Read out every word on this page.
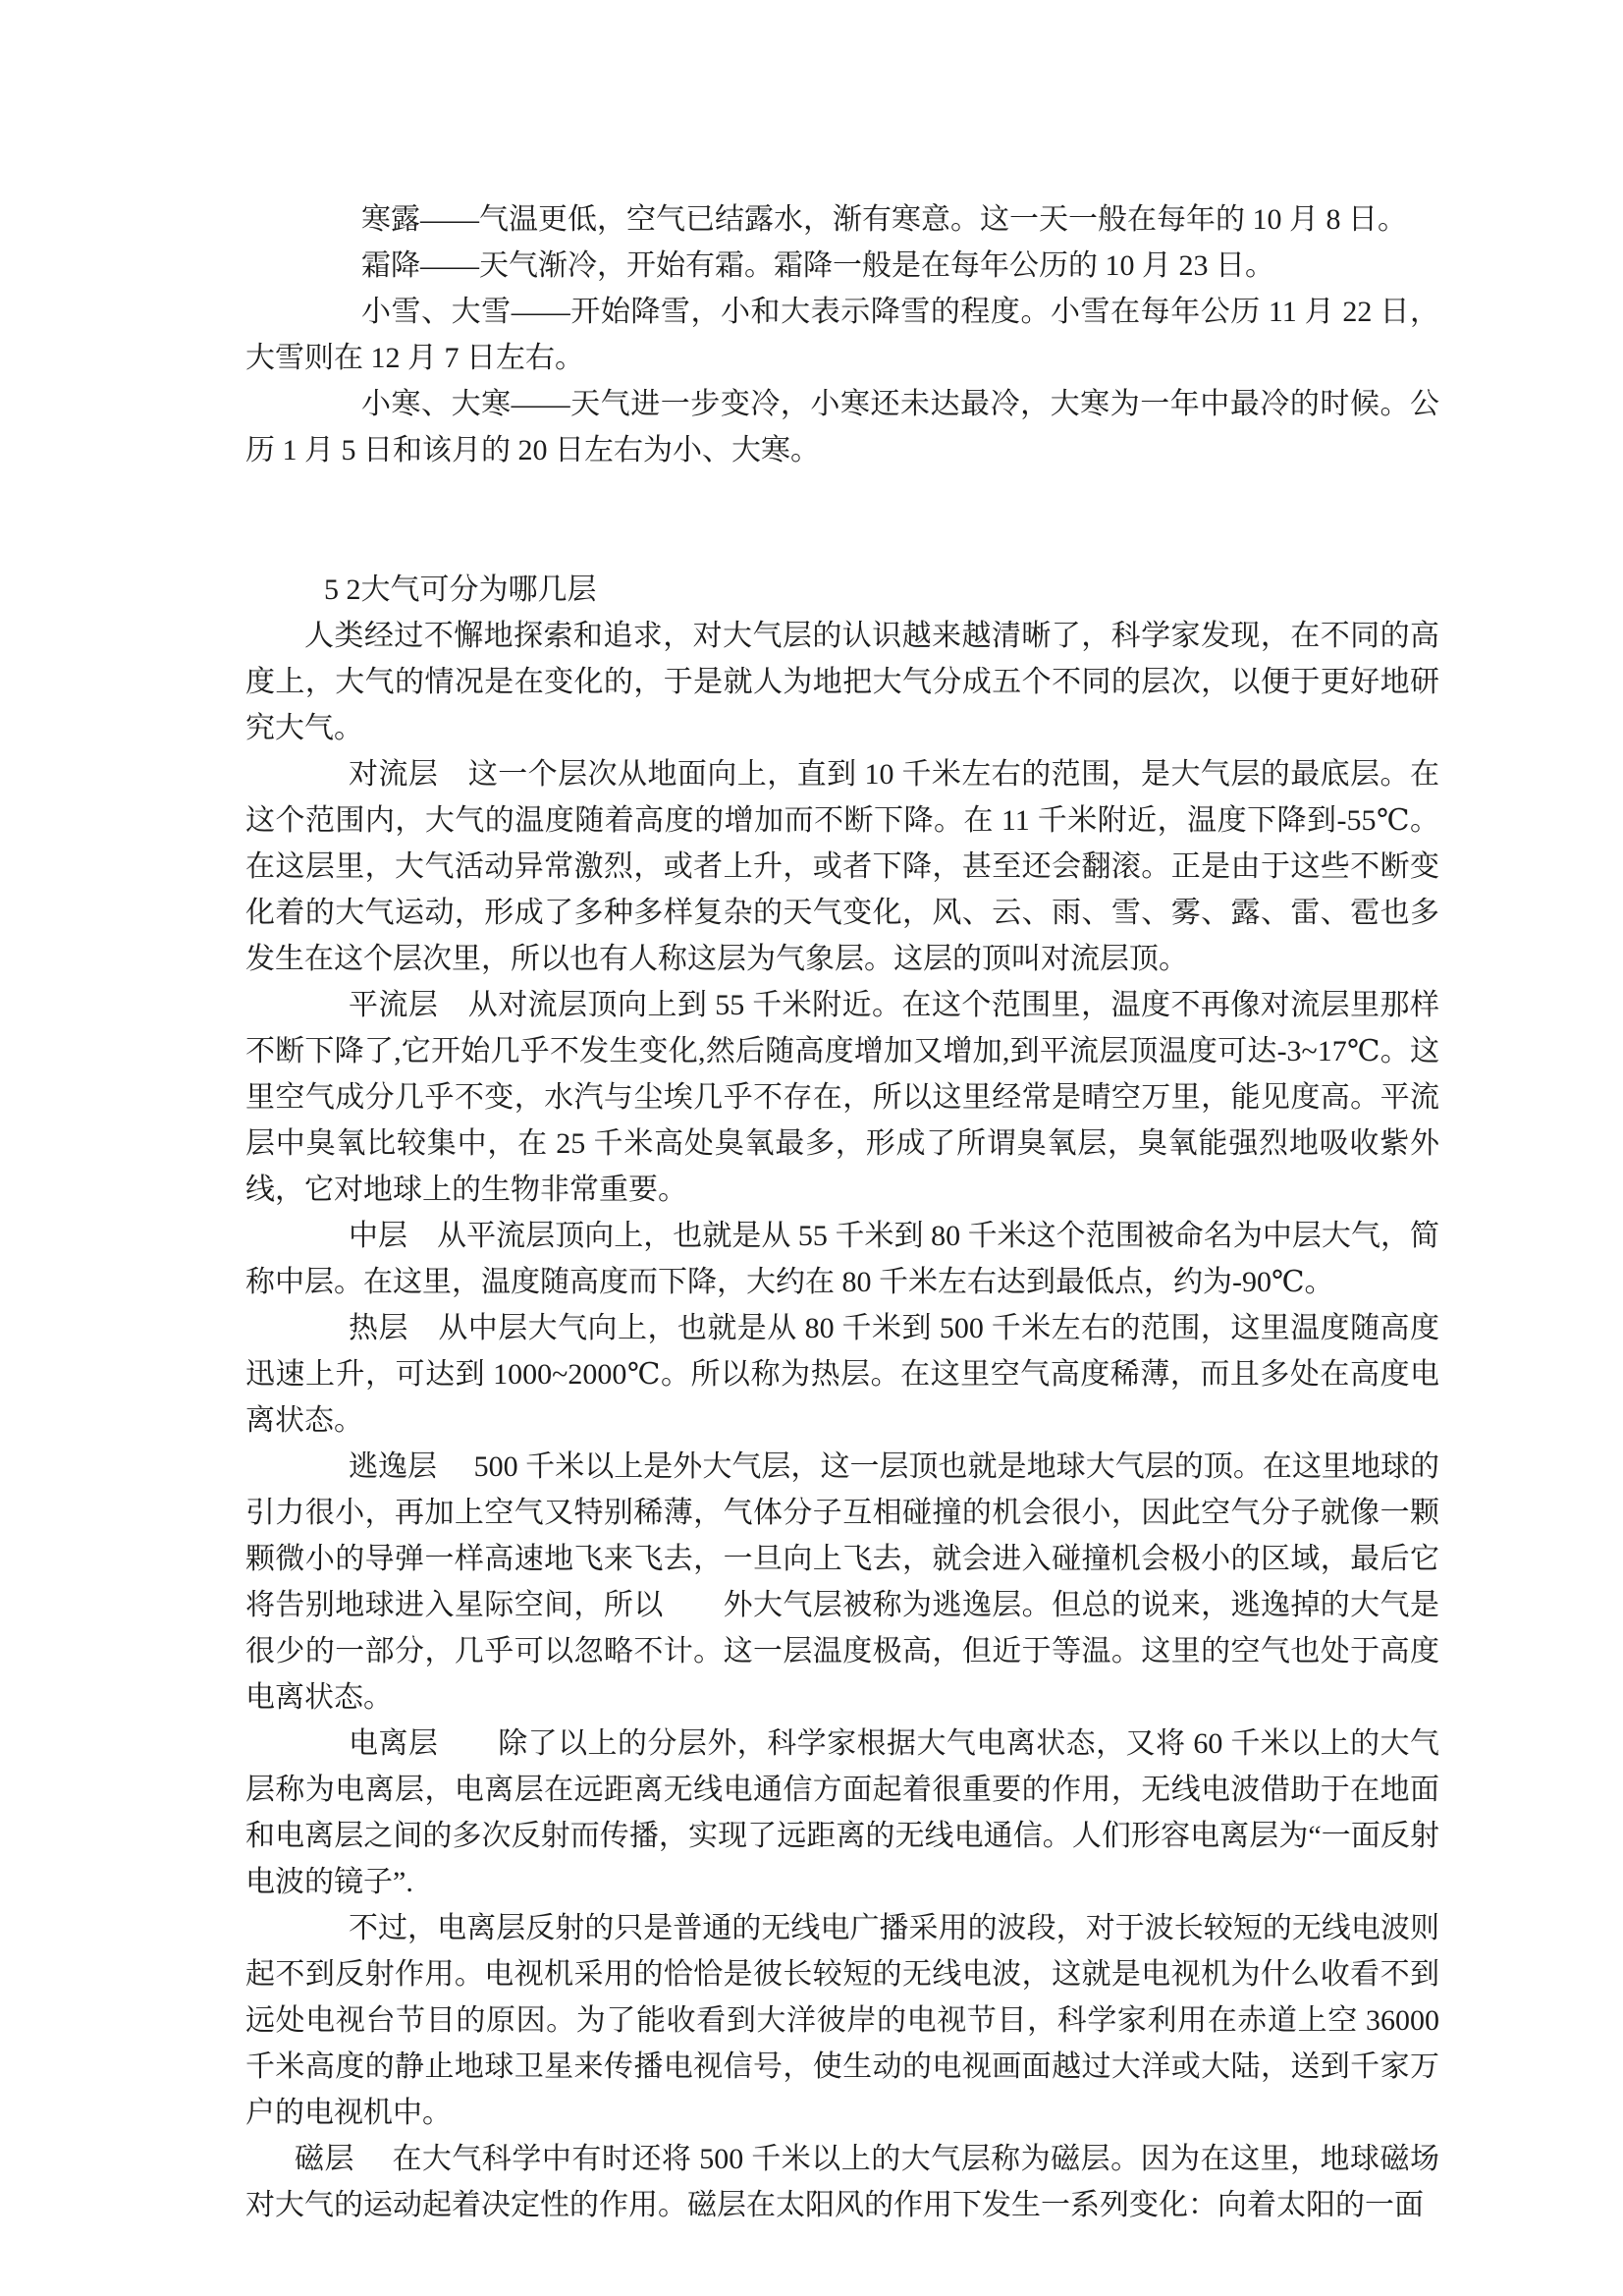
寒露——气温更低，空气已结露水，渐有寒意。这一天一般在每年的 10 月 8 日。

霜降——天气渐冷，开始有霜。霜降一般是在每年公历的 10 月 23 日。

小雪、大雪——开始降雪，小和大表示降雪的程度。小雪在每年公历 11 月 22 日，大雪则在 12 月 7 日左右。

小寒、大寒——天气进一步变冷，小寒还未达最冷，大寒为一年中最冷的时候。公历 1 月 5 日和该月的 20 日左右为小、大寒。

5 2大气可分为哪几层

人类经过不懈地探索和追求，对大气层的认识越来越清晰了，科学家发现，在不同的高度上，大气的情况是在变化的，于是就人为地把大气分成五个不同的层次，以便于更好地研究大气。

对流层　这一个层次从地面向上，直到 10 千米左右的范围，是大气层的最底层。在这个范围内，大气的温度随着高度的增加而不断下降。在 11 千米附近，温度下降到-55℃。在这层里，大气活动异常激烈，或者上升，或者下降，甚至还会翻滚。正是由于这些不断变化着的大气运动，形成了多种多样复杂的天气变化，风、云、雨、雪、雾、露、雷、雹也多发生在这个层次里，所以也有人称这层为气象层。这层的顶叫对流层顶。

平流层　从对流层顶向上到 55 千米附近。在这个范围里，温度不再像对流层里那样不断下降了,它开始几乎不发生变化,然后随高度增加又增加,到平流层顶温度可达-3~17℃。这里空气成分几乎不变，水汽与尘埃几乎不存在，所以这里经常是晴空万里，能见度高。平流层中臭氧比较集中，在 25 千米高处臭氧最多，形成了所谓臭氧层，臭氧能强烈地吸收紫外线，它对地球上的生物非常重要。

中层　从平流层顶向上，也就是从 55 千米到 80 千米这个范围被命名为中层大气，简称中层。在这里，温度随高度而下降，大约在 80 千米左右达到最低点，约为-90℃。

热层　从中层大气向上，也就是从 80 千米到 500 千米左右的范围，这里温度随高度迅速上升，可达到 1000~2000℃。所以称为热层。在这里空气高度稀薄，而且多处在高度电离状态。

逃逸层　 500 千米以上是外大气层，这一层顶也就是地球大气层的顶。在这里地球的引力很小，再加上空气又特别稀薄，气体分子互相碰撞的机会很小，因此空气分子就像一颗颗微小的导弹一样高速地飞来飞去，一旦向上飞去，就会进入碰撞机会极小的区域，最后它将告别地球进入星际空间，所以　　外大气层被称为逃逸层。但总的说来，逃逸掉的大气是很少的一部分，几乎可以忽略不计。这一层温度极高，但近于等温。这里的空气也处于高度电离状态。

电离层　　除了以上的分层外，科学家根据大气电离状态，又将 60 千米以上的大气层称为电离层，电离层在远距离无线电通信方面起着很重要的作用，无线电波借助于在地面和电离层之间的多次反射而传播，实现了远距离的无线电通信。人们形容电离层为“一面反射电波的镜子”.

不过，电离层反射的只是普通的无线电广播采用的波段，对于波长较短的无线电波则起不到反射作用。电视机采用的恰恰是彼长较短的无线电波，这就是电视机为什么收看不到远处电视台节目的原因。为了能收看到大洋彼岸的电视节目，科学家利用在赤道上空 36000 千米高度的静止地球卫星来传播电视信号，使生动的电视画面越过大洋或大陆，送到千家万户的电视机中。

磁层　 在大气科学中有时还将 500 千米以上的大气层称为磁层。因为在这里，地球磁场对大气的运动起着决定性的作用。磁层在太阳风的作用下发生一系列变化：向着太阳的一面
